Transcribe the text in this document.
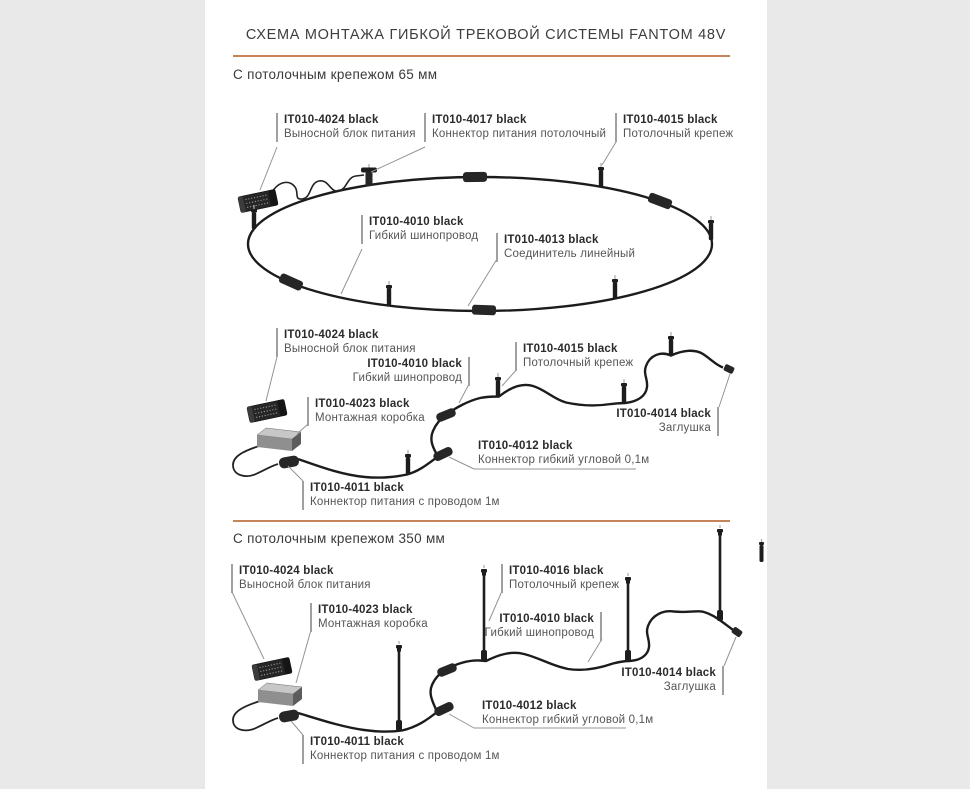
СХЕМА МОНТАЖА ГИБКОЙ ТРЕКОВОЙ СИСТЕМЫ FANTOM 48V
С потолочным крепежом 65 мм
С потолочным крепежом 350 мм
IT010-4024 black
Выносной блок питания
IT010-4017 black
Коннектор питания потолочный
IT010-4015 black
Потолочный крепеж
IT010-4010 black
Гибкий шинопровод IT010-4013 black
Соединитель линейный
IT010-4024 black
Выносной блок питания
IT010-4010 black
Гибкий шинопровод
IT010-4015 black
Потолочный крепеж
IT010-4023 black
Монтажная коробка	IT010-4014 black
Заглушка
IT010-4012 black
Коннектор гибкий угловой 0,1м
IT010-4011 black
Коннектор питания с проводом 1м
IT010-4024 black
Выносной блок питания
IT010-4023 black
Монтажная коробка
IT010-4016 black
Потолочный крепеж
IT010-4010 black
Гибкий шинопровод
IT010-4014 black
Заглушка
IT010-4012 black
Коннектор гибкий угловой 0,1м
IT010-4011 black
Коннектор питания с проводом 1м
